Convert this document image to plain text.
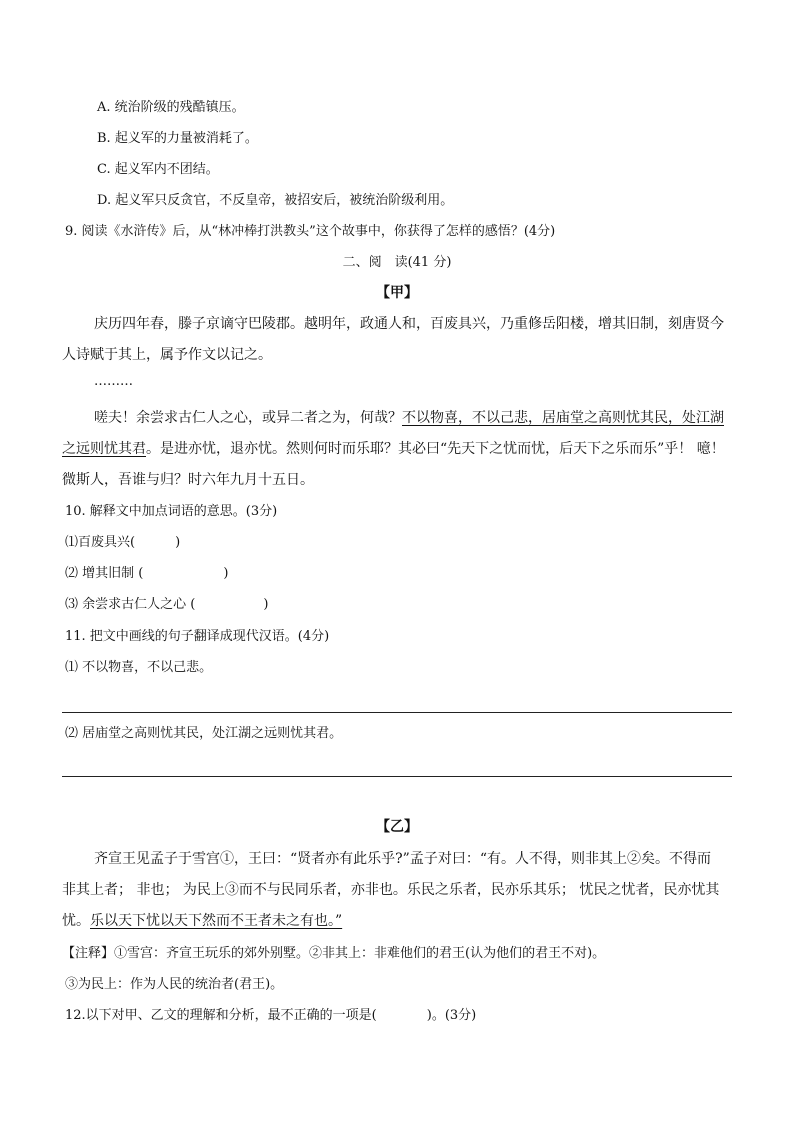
A. 统治阶级的残酷镇压。
B. 起义军的力量被消耗了。
C. 起义军内不团结。
D. 起义军只反贪官，不反皇帝，被招安后，被统治阶级利用。
9. 阅读《水浒传》后，从“林冲棒打洪教头”这个故事中，你获得了怎样的感悟？(4分)
二、阅　读(41 分)
【甲】
庆历四年春，滕子京谪守巴陵郡。越明年，政通人和，百废具兴，乃重修岳阳楼，增其旧制，刻唐贤今
人诗赋于其上，属予作文以记之。
………
嗟夫！余尝求古仁人之心，或异二者之为，何哉？不以物喜，不以己悲，居庙堂之高则忧其民，处江湖
之远则忧其君。是进亦忧，退亦忧。然则何时而乐耶？其必曰“先天下之忧而忧，后天下之乐而乐”乎！ 噫！
微斯人，吾谁与归？时六年九月十五日。
10. 解释文中加点词语的意思。(3分)
⑴百废具兴(	)
⑵ 增其旧制 (	)
⑶ 余尝求古仁人之心 (	)
11. 把文中画线的句子翻译成现代汉语。(4分)
⑴ 不以物喜，不以己悲。
⑵ 居庙堂之高则忧其民，处江湖之远则忧其君。
【乙】
齐宣王见孟子于雪宫①，王曰：“贤者亦有此乐乎?”孟子对曰：“有。人不得，则非其上②矣。不得而
非其上者； 非也； 为民上③而不与民同乐者，亦非也。乐民之乐者，民亦乐其乐； 忧民之忧者，民亦忧其
忧。乐以天下忧以天下然而不王者未之有也。”
【注释】①雪宫：齐宣王玩乐的郊外别墅。②非其上：非难他们的君王(认为他们的君王不对)。
③为民上：作为人民的统治者(君王)。
12.以下对甲、乙文的理解和分析，最不正确的一项是(	)。(3分)
